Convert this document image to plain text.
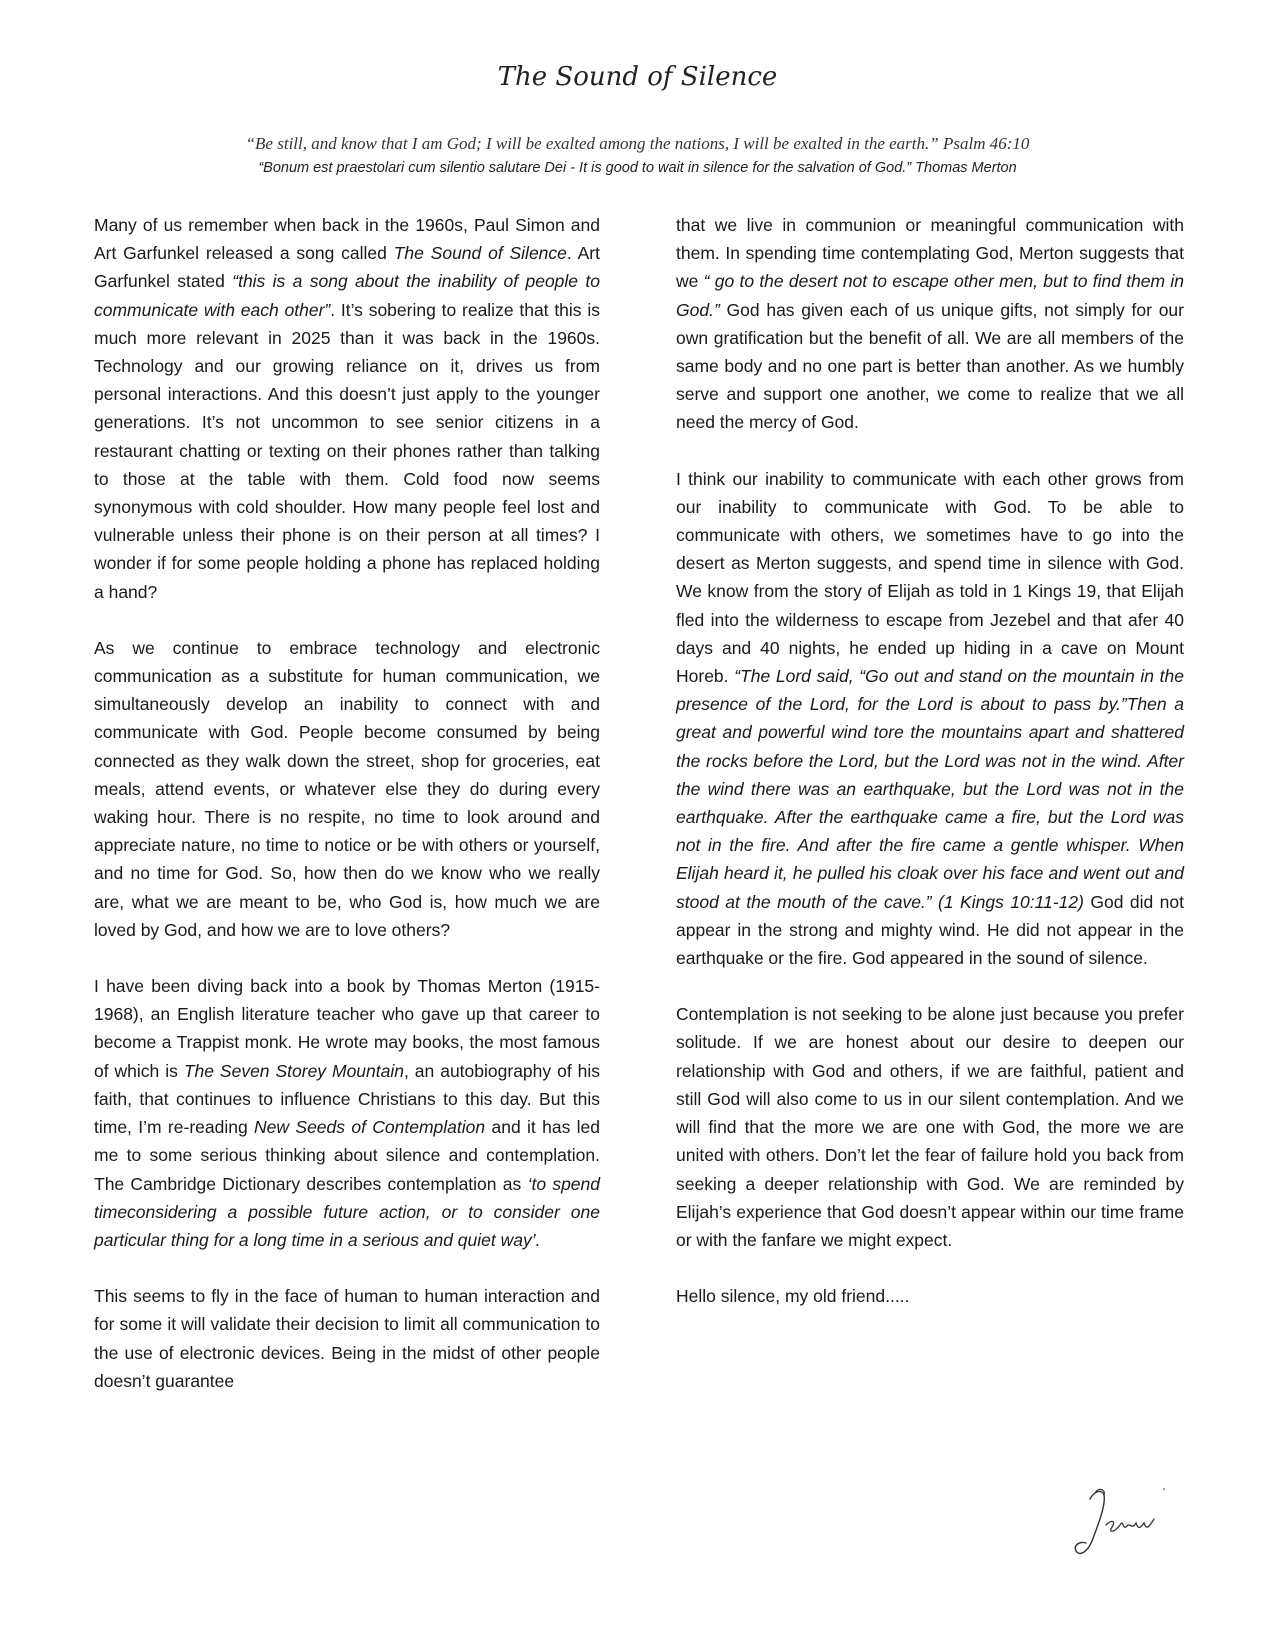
The Sound of Silence
“Be still, and know that I am God; I will be exalted among the nations, I will be exalted in the earth.” Psalm 46:10
“Bonum est praestolari cum silentio salutare Dei - It is good to wait in silence for the salvation of God.” Thomas Merton

Many of us remember when back in the 1960s, Paul Simon and Art Garfunkel released a song called The Sound of Silence. Art Garfunkel stated “this is a song about the inability of people to communicate with each other”. It’s sobering to realize that this is much more relevant in 2025 than it was back in the 1960s. Technology and our growing reliance on it, drives us from personal interactions. And this doesn’t just apply to the younger generations. It’s not uncommon to see senior citizens in a restaurant chatting or texting on their phones rather than talking to those at the table with them. Cold food now seems synonymous with cold shoulder. How many people feel lost and vulnerable unless their phone is on their person at all times? I wonder if for some people holding a phone has replaced holding a hand?

As we continue to embrace technology and electronic communication as a substitute for human communication, we simultaneously develop an inability to connect with and communicate with God. People become consumed by being connected as they walk down the street, shop for groceries, eat meals, attend events, or whatever else they do during every waking hour. There is no respite, no time to look around and appreciate nature, no time to notice or be with others or yourself, and no time for God. So, how then do we know who we really are, what we are meant to be, who God is, how much we are loved by God, and how we are to love others?

I have been diving back into a book by Thomas Merton (1915-1968), an English literature teacher who gave up that career to become a Trappist monk. He wrote may books, the most famous of which is The Seven Storey Mountain, an autobiography of his faith, that continues to influence Christians to this day. But this time, I’m re-reading New Seeds of Contemplation and it has led me to some serious thinking about silence and contemplation. The Cambridge Dictionary describes contemplation as ‘to spend timeconsidering a possible future action, or to consider one particular thing for a long time in a serious and quiet way’.

This seems to fly in the face of human to human interaction and for some it will validate their decision to limit all communication to the use of electronic devices. Being in the midst of other people doesn’t guarantee

that we live in communion or meaningful communication with them. In spending time contemplating God, Merton suggests that we “ go to the desert not to escape other men, but to find them in God.” God has given each of us unique gifts, not simply for our own gratification but the benefit of all. We are all members of the same body and no one part is better than another. As we humbly serve and support one another, we come to realize that we all need the mercy of God.

I think our inability to communicate with each other grows from our inability to communicate with God. To be able to communicate with others, we sometimes have to go into the desert as Merton suggests, and spend time in silence with God. We know from the story of Elijah as told in 1 Kings 19, that Elijah fled into the wilderness to escape from Jezebel and that afer 40 days and 40 nights, he ended up hiding in a cave on Mount Horeb. “The Lord said, “Go out and stand on the mountain in the presence of the Lord, for the Lord is about to pass by.”Then a great and powerful wind tore the mountains apart and shattered the rocks before the Lord, but the Lord was not in the wind. After the wind there was an earthquake, but the Lord was not in the earthquake. After the earthquake came a fire, but the Lord was not in the fire. And after the fire came a gentle whisper. When Elijah heard it, he pulled his cloak over his face and went out and stood at the mouth of the cave.” (1 Kings 10:11-12) God did not appear in the strong and mighty wind. He did not appear in the earthquake or the fire. God appeared in the sound of silence.

Contemplation is not seeking to be alone just because you prefer solitude. If we are honest about our desire to deepen our relationship with God and others, if we are faithful, patient and still God will also come to us in our silent contemplation. And we will find that the more we are one with God, the more we are united with others. Don’t let the fear of failure hold you back from seeking a deeper relationship with God. We are reminded by Elijah’s experience that God doesn’t appear within our time frame or with the fanfare we might expect.

Hello silence, my old friend.....
